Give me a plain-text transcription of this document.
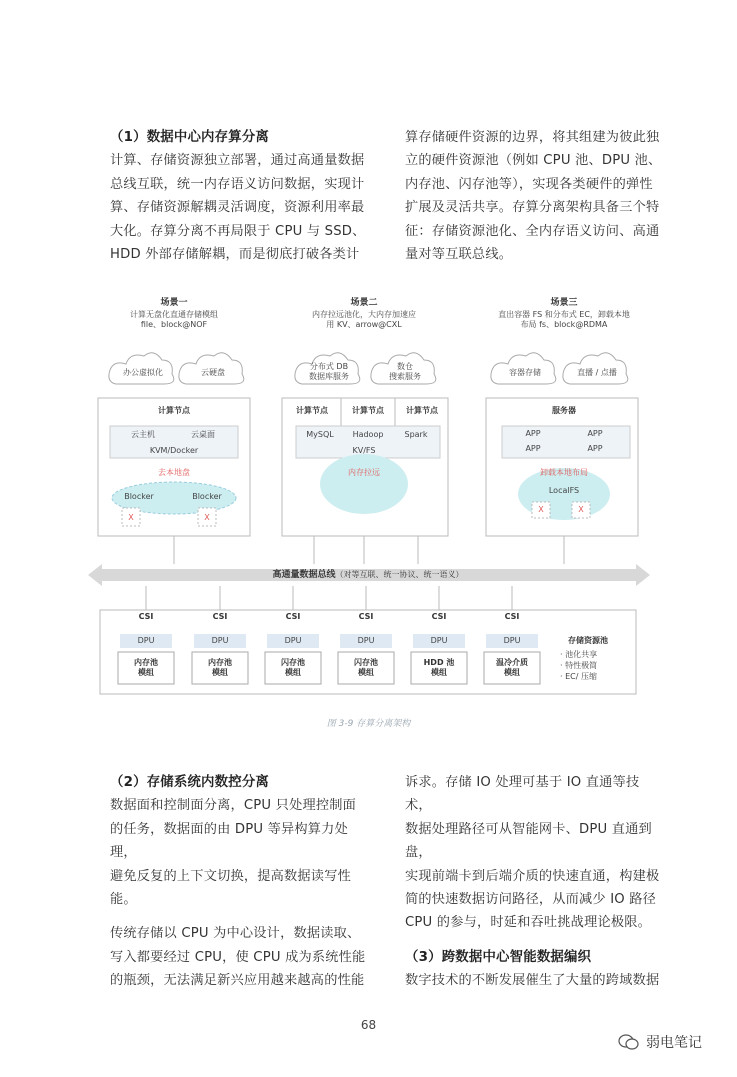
（1）数据中心内存算分离

计算、存储资源独立部署，通过高通量数据

总线互联，统一内存语义访问数据，实现计

算、存储资源解耦灵活调度，资源利用率最

大化。存算分离不再局限于 CPU 与 SSD、

HDD 外部存储解耦，而是彻底打破各类计

算存储硬件资源的边界，将其组建为彼此独

立的硬件资源池（例如 CPU 池、DPU 池、

内存池、闪存池等），实现各类硬件的弹性

扩展及灵活共享。存算分离架构具备三个特

征：存储资源池化、全内存语义访问、高通

量对等互联总线。

场景一
计算无盘化直通存储模组
file、block@NOF
办公虚拟化	云硬盘
计算节点
云主机	云桌面
KVM/Docker
去本地盘
Blocker	Blocker
X	X
场景二
内存拉远池化，大内存加速应
用 KV、arrow@CXL
分布式 DB
数据库服务
数仓
搜索服务
计算节点	计算节点	计算节点
MySQL	Hadoop	Spark
KV/FS
内存拉远
场景三
直出容器 FS 和分布式 EC，卸载本地
布局 fs、block@RDMA
容器存储	直播 / 点播
服务器
APP	APP
APP	APP
卸载本地布局
LocalFS
X	X
高通量数据总线（对等互联、统一协议、统一语义）
CSI	CSI	CSI	CSI	CSI	CSI
DPU	DPU	DPU	DPU	DPU	DPU
内存池
模组
内存池
模组
闪存池
模组
闪存池
模组
HDD 池
模组
温冷介质
模组
存储资源池
· 池化共享
· 特性极简
· EC/ 压缩
图 3-9 存算分离架构

（2）存储系统内数控分离

数据面和控制面分离，CPU 只处理控制面

的任务，数据面的由 DPU 等异构算力处理，

避免反复的上下文切换，提高数据读写性能。

传统存储以 CPU 为中心设计，数据读取、

写入都要经过 CPU，使 CPU 成为系统性能

的瓶颈，无法满足新兴应用越来越高的性能

诉求。存储 IO 处理可基于 IO 直通等技术，

数据处理路径可从智能网卡、DPU 直通到盘，

实现前端卡到后端介质的快速直通，构建极

简的快速数据访问路径，从而减少 IO 路径

CPU 的参与，时延和吞吐挑战理论极限。

（3）跨数据中心智能数据编织

数字技术的不断发展催生了大量的跨域数据

68
弱电笔记
